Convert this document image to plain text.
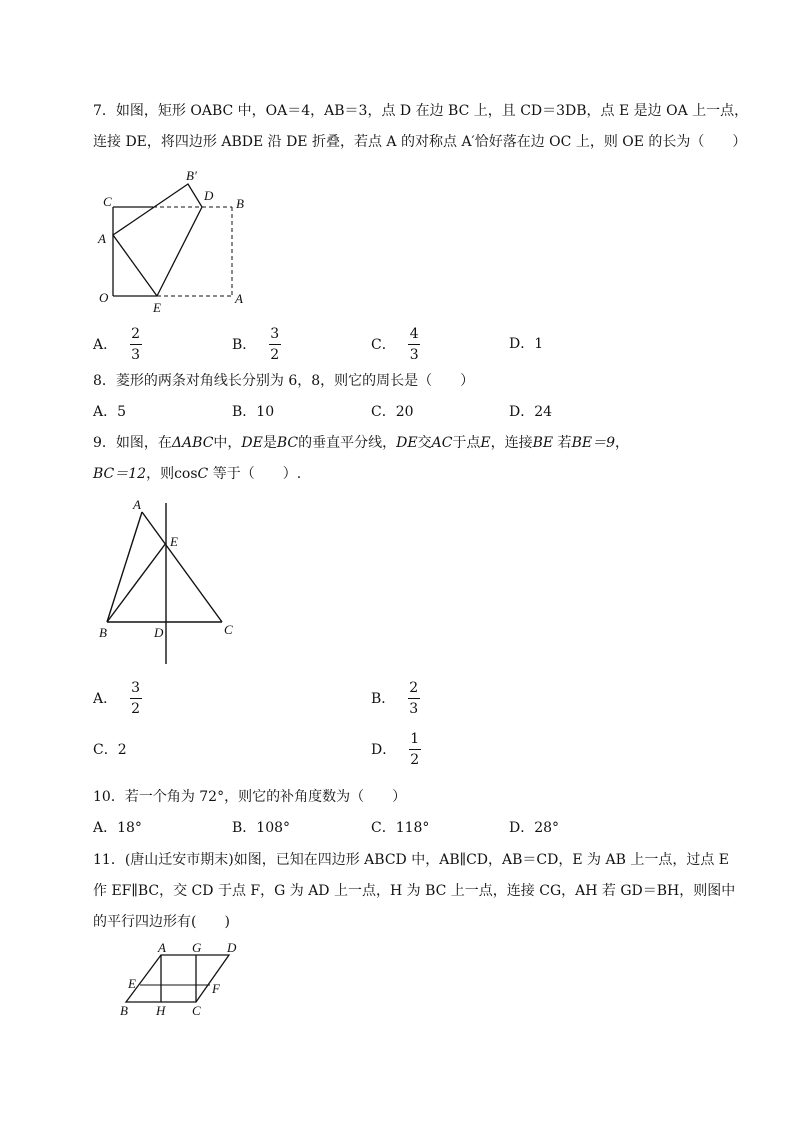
7．如图，矩形 OABC 中，OA＝4，AB＝3，点 D 在边 BC 上，且 CD＝3DB，点 E 是边 OA 上一点，
连接 DE，将四边形 ABDE 沿 DE 折叠，若点 A 的对称点 A′恰好落在边 OC 上，则 OE 的长为（　　）
C
B′
D
B
A
O
E
A
A． $\frac{2}{3}$	B． $\frac{3}{2}$	C． $\frac{4}{3}$	D． 1
8．菱形的两条对角线长分别为 6，8，则它的周长是（　　）
A．5	B．10	C．20	D．24
9．如图，在ΔABC中，DE是BC的垂直平分线，DE交AC于点E，连接BE 若BE＝9，
BC＝12，则cosC 等于（　　）.
A
E
B	D	C
A． $\frac{3}{2}$	B． $\frac{2}{3}$
C． 2	D． $\frac{1}{2}$
10．若一个角为 72°，则它的补角度数为（　　）
A．18°	B．108°	C．118°	D．28°
11．(唐山迁安市期末)如图，已知在四边形 ABCD 中，AB∥CD，AB＝CD，E 为 AB 上一点，过点 E
作 EF∥BC，交 CD 于点 F，G 为 AD 上一点，H 为 BC 上一点，连接 CG，AH 若 GD＝BH，则图中
的平行四边形有(　　)
A G D
E	F
B H C
